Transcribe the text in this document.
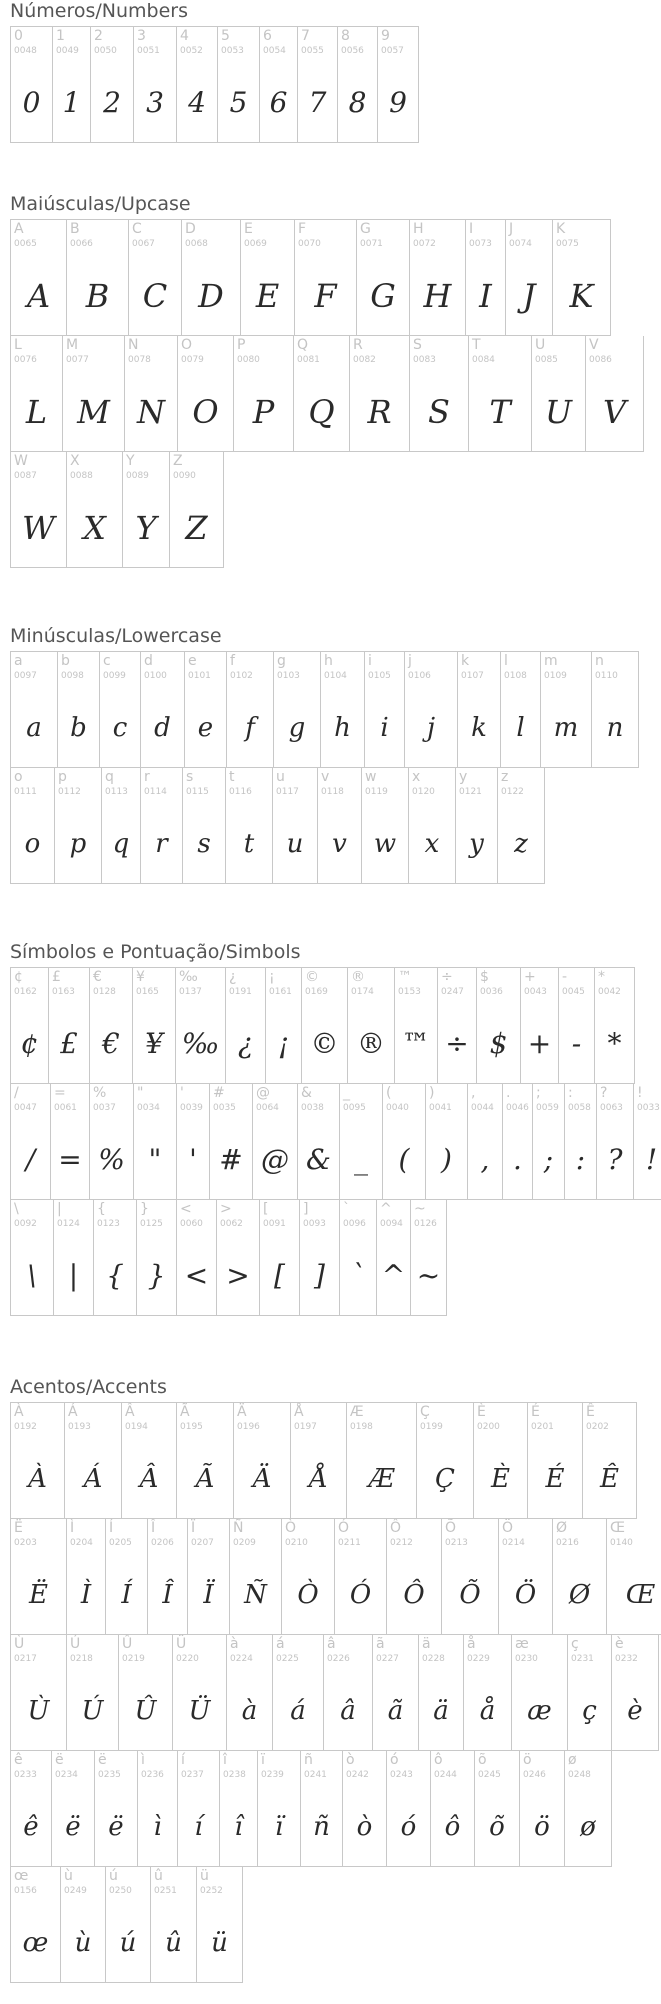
Números/Numbers
0
0048
0
1
0049
1
2
0050
2
3
0051
3
4
0052
4
5
0053
5
6
0054
6
7
0055
7
8
0056
8
9
0057
9
Maiúsculas/Upcase
A
0065
A
B
0066
B
C
0067
C
D
0068
D
E
0069
E
F
0070
F
G
0071
G
H
0072
H
I
0073
I
J
0074
J
K
0075
K
L
0076
L
M
0077
M
N
0078
N
O
0079
O
P
0080
P
Q
0081
Q
R
0082
R
S
0083
S
T
0084
T
U
0085
U
V
0086
V
W
0087
W
X
0088
X
Y
0089
Y
Z
0090
Z
Minúsculas/Lowercase
a
0097
a
b
0098
b
c
0099
c
d
0100
d
e
0101
e
f
0102
f
g
0103
g
h
0104
h
i
0105
i
j
0106
j
k
0107
k
l
0108
l
m
0109
m
n
0110
n
o
0111
o
p
0112
p
q
0113
q
r
0114
r
s
0115
s
t
0116
t
u
0117
u
v
0118
v
w
0119
w
x
0120
x
y
0121
y
z
0122
z
Símbolos e Pontuação/Simbols
¢
0162
¢
£
0163
£
€
0128
€
¥
0165
¥
‰
0137
‰
¿
0191
¿
¡
0161
¡
©
0169
©
®
0174
®
™
0153
™
÷
0247
÷
$
0036
$
+
0043
+
-
0045
-
*
0042
*
/
0047
/
=
0061
=
%
0037
%
"
0034
"
'
0039
'
#
0035
#
@
0064
@
&
0038
&
_
0095
_
(
0040
(
)
0041
)
,
0044
,
.
0046
.
;
0059
;
:
0058
:
?
0063
?
!
0033
!
\
0092
\
|
0124
|
{
0123
{
}
0125
}
<
0060
<
>
0062
>
[
0091
[
]
0093
]
`
0096
`
^
0094
^
~
0126
~
Acentos/Accents
À
0192
À
Á
0193
Á
Â
0194
Â
Ã
0195
Ã
Ä
0196
Ä
Å
0197
Å
Æ
0198
Æ
Ç
0199
Ç
È
0200
È
É
0201
É
Ê
0202
Ê
Ë
0203
Ë
Ì
0204
Ì
Í
0205
Í
Î
0206
Î
Ï
0207
Ï
Ñ
0209
Ñ
Ò
0210
Ò
Ó
0211
Ó
Ô
0212
Ô
Õ
0213
Õ
Ö
0214
Ö
Ø
0216
Ø
Œ
0140
Œ
Ù
0217
Ù
Ú
0218
Ú
Û
0219
Û
Ü
0220
Ü
à
0224
à
á
0225
á
â
0226
â
ã
0227
ã
ä
0228
ä
å
0229
å
æ
0230
æ
ç
0231
ç
è
0232
è
ê
0233
ê
ë
0234
ë
ë
0235
ë
ì
0236
ì
í
0237
í
î
0238
î
ï
0239
ï
ñ
0241
ñ
ò
0242
ò
ó
0243
ó
ô
0244
ô
õ
0245
õ
ö
0246
ö
ø
0248
ø
œ
0156
œ
ù
0249
ù
ú
0250
ú
û
0251
û
ü
0252
ü
